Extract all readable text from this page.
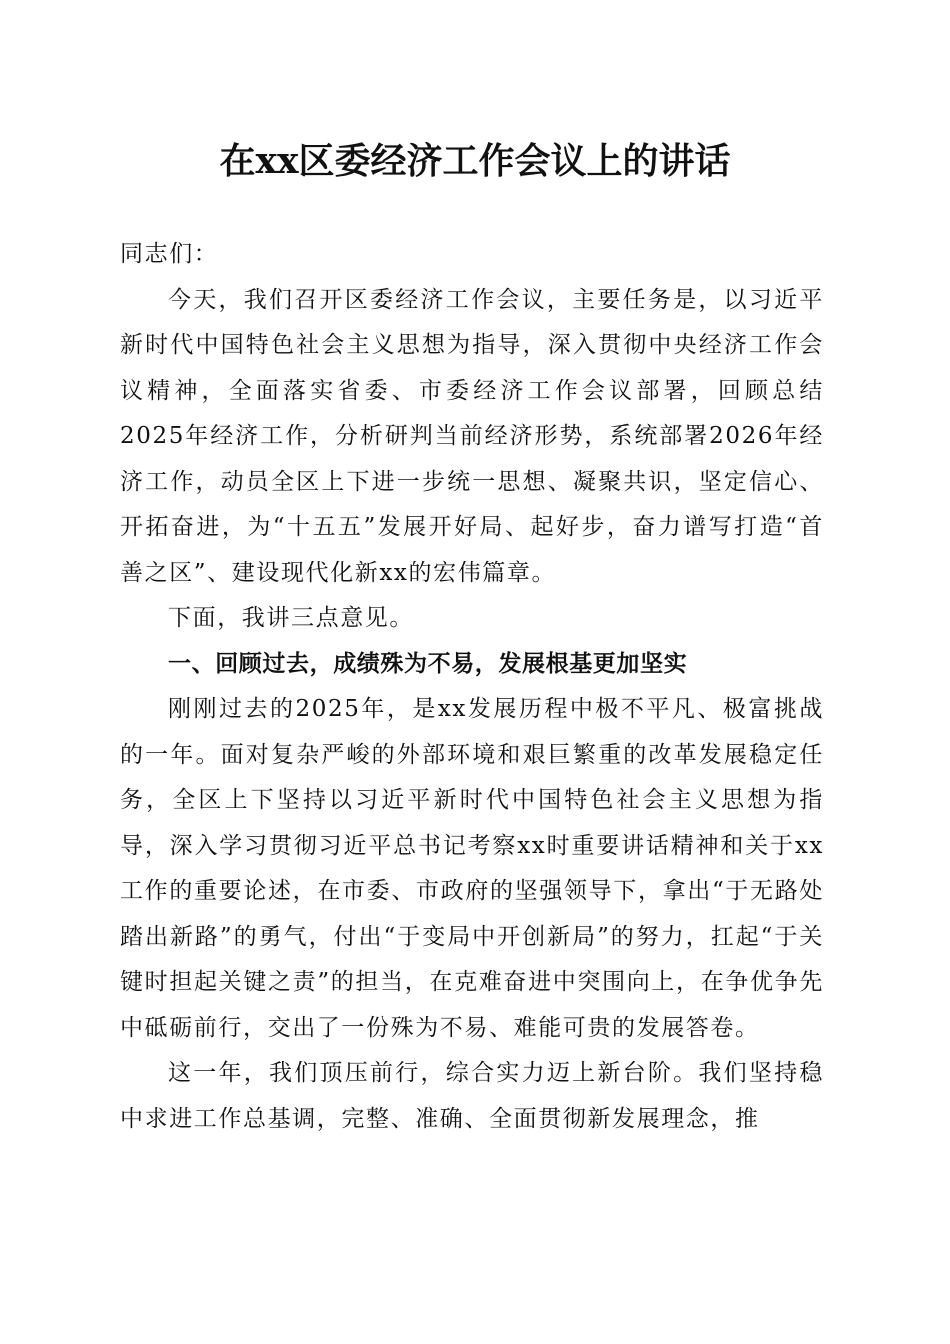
在xx区委经济工作会议上的讲话

同志们：

今天，我们召开区委经济工作会议，主要任务是，以习近平新时代中国特色社会主义思想为指导，深入贯彻中央经济工作会议精神，全面落实省委、市委经济工作会议部署，回顾总结2025年经济工作，分析研判当前经济形势，系统部署2026年经济工作，动员全区上下进一步统一思想、凝聚共识，坚定信心、开拓奋进，为“十五五”发展开好局、起好步，奋力谱写打造“首善之区”、建设现代化新xx的宏伟篇章。

下面，我讲三点意见。

一、回顾过去，成绩殊为不易，发展根基更加坚实

刚刚过去的2025年，是xx发展历程中极不平凡、极富挑战的一年。面对复杂严峻的外部环境和艰巨繁重的改革发展稳定任务，全区上下坚持以习近平新时代中国特色社会主义思想为指导，深入学习贯彻习近平总书记考察xx时重要讲话精神和关于xx工作的重要论述，在市委、市政府的坚强领导下，拿出“于无路处踏出新路”的勇气，付出“于变局中开创新局”的努力，扛起“于关键时担起关键之责”的担当，在克难奋进中突围向上，在争优争先中砥砺前行，交出了一份殊为不易、难能可贵的发展答卷。

这一年，我们顶压前行，综合实力迈上新台阶。我们坚持稳中求进工作总基调，完整、准确、全面贯彻新发展理念，推
